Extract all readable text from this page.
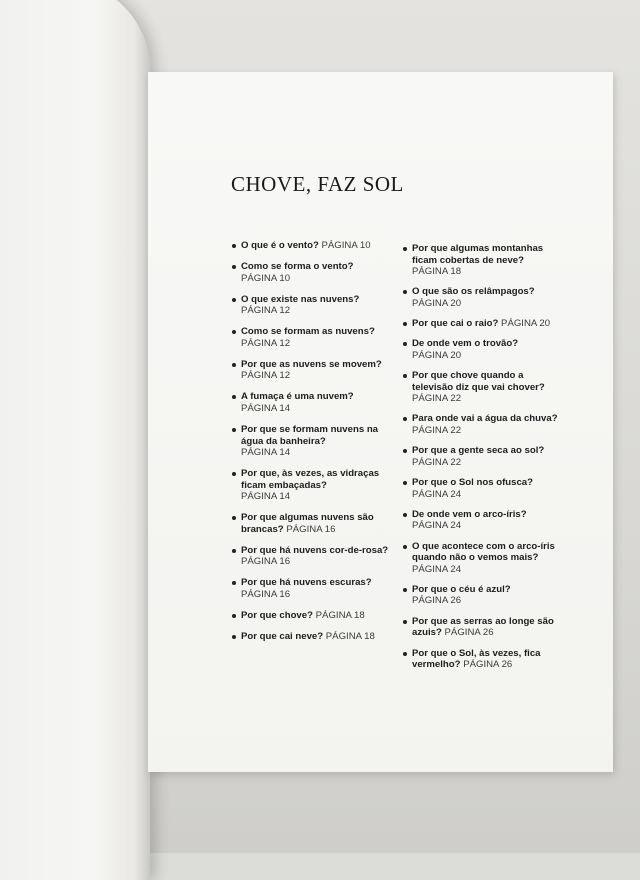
CHOVE, FAZ SOL
O que é o vento? PÁGINA 10
Como se forma o vento?
PÁGINA 10
O que existe nas nuvens?
PÁGINA 12
Como se formam as nuvens?
PÁGINA 12
Por que as nuvens se movem? PÁGINA 12
A fumaça é uma nuvem?
PÁGINA 14
Por que se formam nuvens na água da banheira?
PÁGINA 14
Por que, às vezes, as vidraças ficam embaçadas?
PÁGINA 14
Por que algumas nuvens são brancas? PÁGINA 16
Por que há nuvens cor-de-rosa? PÁGINA 16
Por que há nuvens escuras?
PÁGINA 16
Por que chove? PÁGINA 18
Por que cai neve? PÁGINA 18
Por que algumas montanhas ficam cobertas de neve?
PÁGINA 18
O que são os relâmpagos?
PÁGINA 20
Por que cai o raio? PÁGINA 20
De onde vem o trovão?
PÁGINA 20
Por que chove quando a televisão diz que vai chover?
PÁGINA 22
Para onde vai a água da chuva? PÁGINA 22
Por que a gente seca ao sol? PÁGINA 22
Por que o Sol nos ofusca?
PÁGINA 24
De onde vem o arco-íris?
PÁGINA 24
O que acontece com o arco-íris quando não o vemos mais? PÁGINA 24
Por que o céu é azul?
PÁGINA 26
Por que as serras ao longe são azuis? PÁGINA 26
Por que o Sol, às vezes, fica vermelho? PÁGINA 26
